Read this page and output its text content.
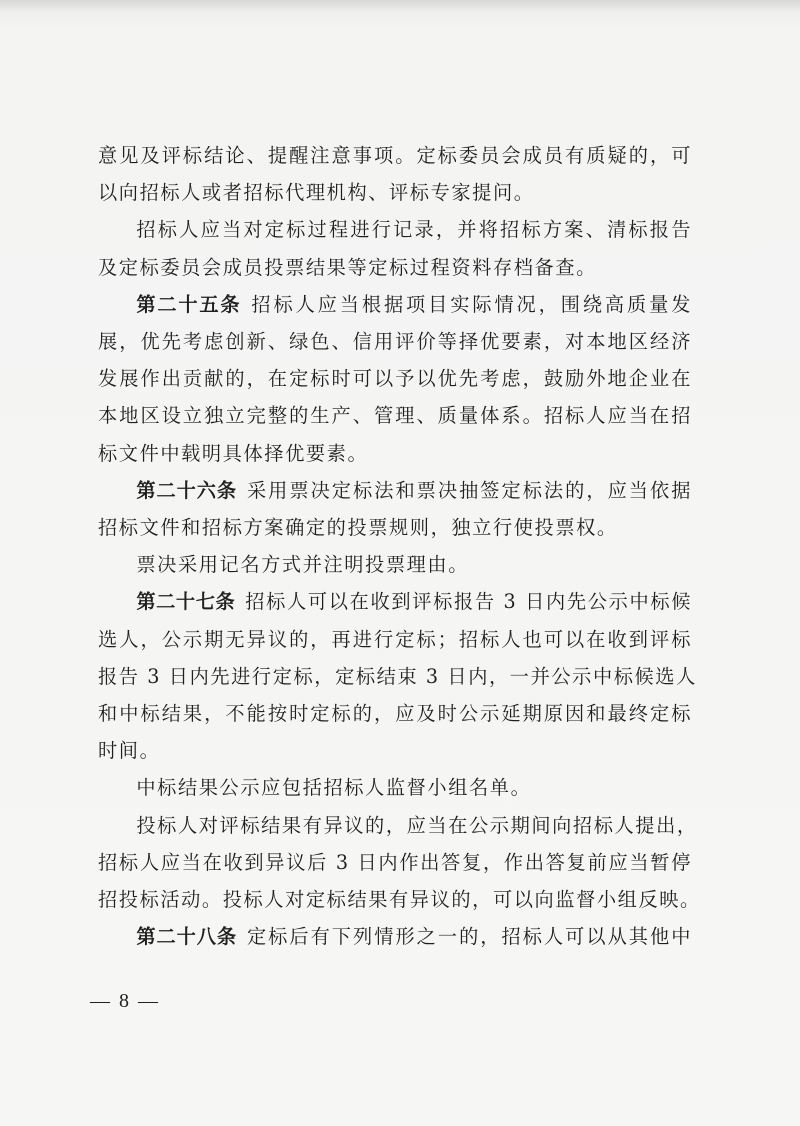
意见及评标结论、提醒注意事项。定标委员会成员有质疑的，可
以向招标人或者招标代理机构、评标专家提问。

招标人应当对定标过程进行记录，并将招标方案、清标报告
及定标委员会成员投票结果等定标过程资料存档备查。

第二十五条 招标人应当根据项目实际情况，围绕高质量发
展，优先考虑创新、绿色、信用评价等择优要素，对本地区经济
发展作出贡献的，在定标时可以予以优先考虑，鼓励外地企业在
本地区设立独立完整的生产、管理、质量体系。招标人应当在招
标文件中载明具体择优要素。

第二十六条 采用票决定标法和票决抽签定标法的，应当依据
招标文件和招标方案确定的投票规则，独立行使投票权。

票决采用记名方式并注明投票理由。

第二十七条 招标人可以在收到评标报告 3 日内先公示中标候
选人，公示期无异议的，再进行定标；招标人也可以在收到评标
报告 3 日内先进行定标，定标结束 3 日内，一并公示中标候选人
和中标结果，不能按时定标的，应及时公示延期原因和最终定标
时间。

中标结果公示应包括招标人监督小组名单。

投标人对评标结果有异议的，应当在公示期间向招标人提出，
招标人应当在收到异议后 3 日内作出答复，作出答复前应当暂停
招投标活动。投标人对定标结果有异议的，可以向监督小组反映。

第二十八条 定标后有下列情形之一的，招标人可以从其他中

— 8 —
